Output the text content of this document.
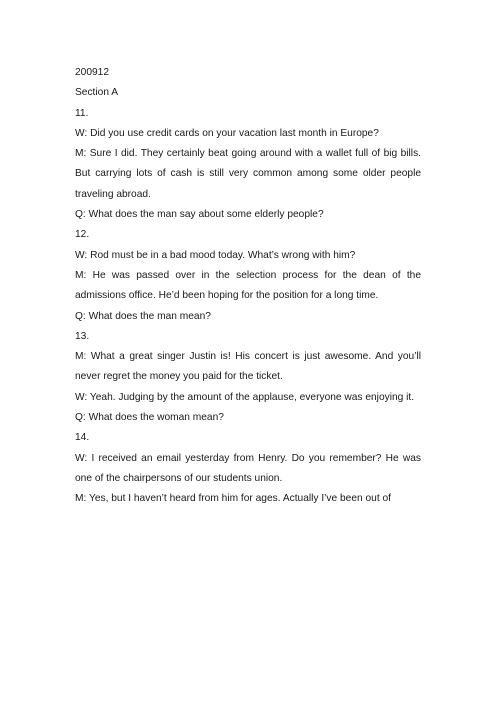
200912
Section A
11.
W: Did you use credit cards on your vacation last month in Europe?
M: Sure I did. They certainly beat going around with a wallet full of big bills. But carrying lots of cash is still very common among some older people traveling abroad.
Q: What does the man say about some elderly people?
12.
W: Rod must be in a bad mood today. What’s wrong with him?
M: He was passed over in the selection process for the dean of the admissions office. He’d been hoping for the position for a long time.
Q: What does the man mean?
13.
M: What a great singer Justin is! His concert is just awesome. And you’ll never regret the money you paid for the ticket.
W: Yeah. Judging by the amount of the applause, everyone was enjoying it.
Q: What does the woman mean?
14.
W: I received an email yesterday from Henry. Do you remember? He was one of the chairpersons of our students union.
M: Yes, but I haven’t heard from him for ages. Actually I’ve been out of
